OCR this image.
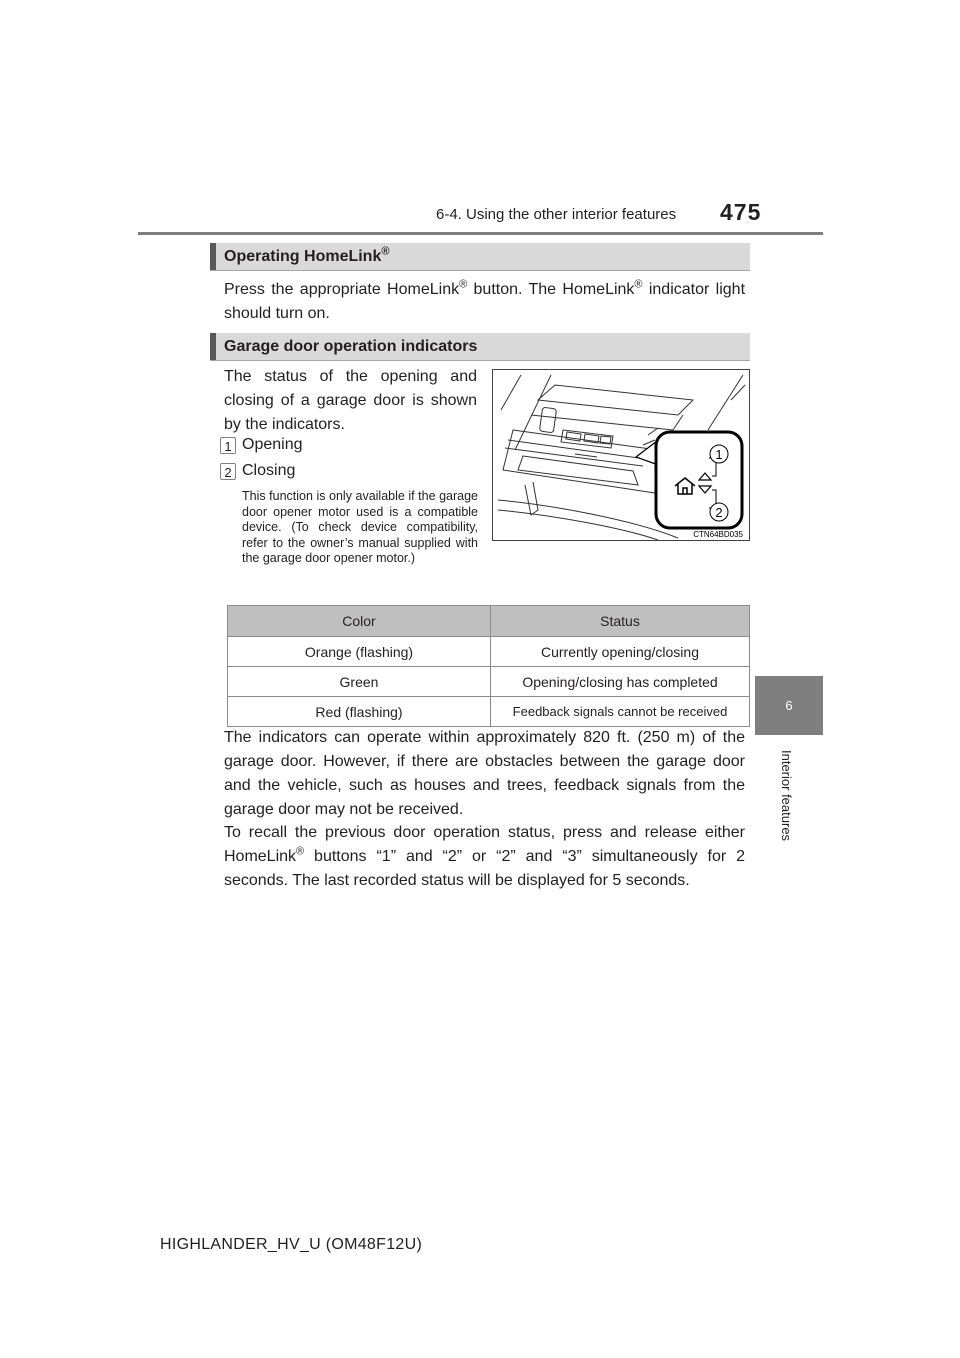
6-4. Using the other interior features 475
6
Interior features
Operating HomeLink®
Press the appropriate HomeLink® button. The HomeLink® indicator light should turn on.
Garage door operation indicators
The status of the opening and closing of a garage door is shown by the indicators.
1 Opening
2 Closing
This function is only available if the garage door opener motor used is a compatible device. (To check device compatibility, refer to the owner’s manual supplied with the garage door opener motor.)
1
2
CTN64BD035
Color	Status
Orange (flashing)	Currently opening/closing
Green	Opening/closing has completed
Red (flashing)	Feedback signals cannot be received
The indicators can operate within approximately 820 ft. (250 m) of the garage door. However, if there are obstacles between the garage door and the vehicle, such as houses and trees, feedback signals from the garage door may not be received.
To recall the previous door operation status, press and release either HomeLink® buttons “1” and “2” or “2” and “3” simultaneously for 2 seconds. The last recorded status will be displayed for 5 seconds.
HIGHLANDER_HV_U (OM48F12U)
